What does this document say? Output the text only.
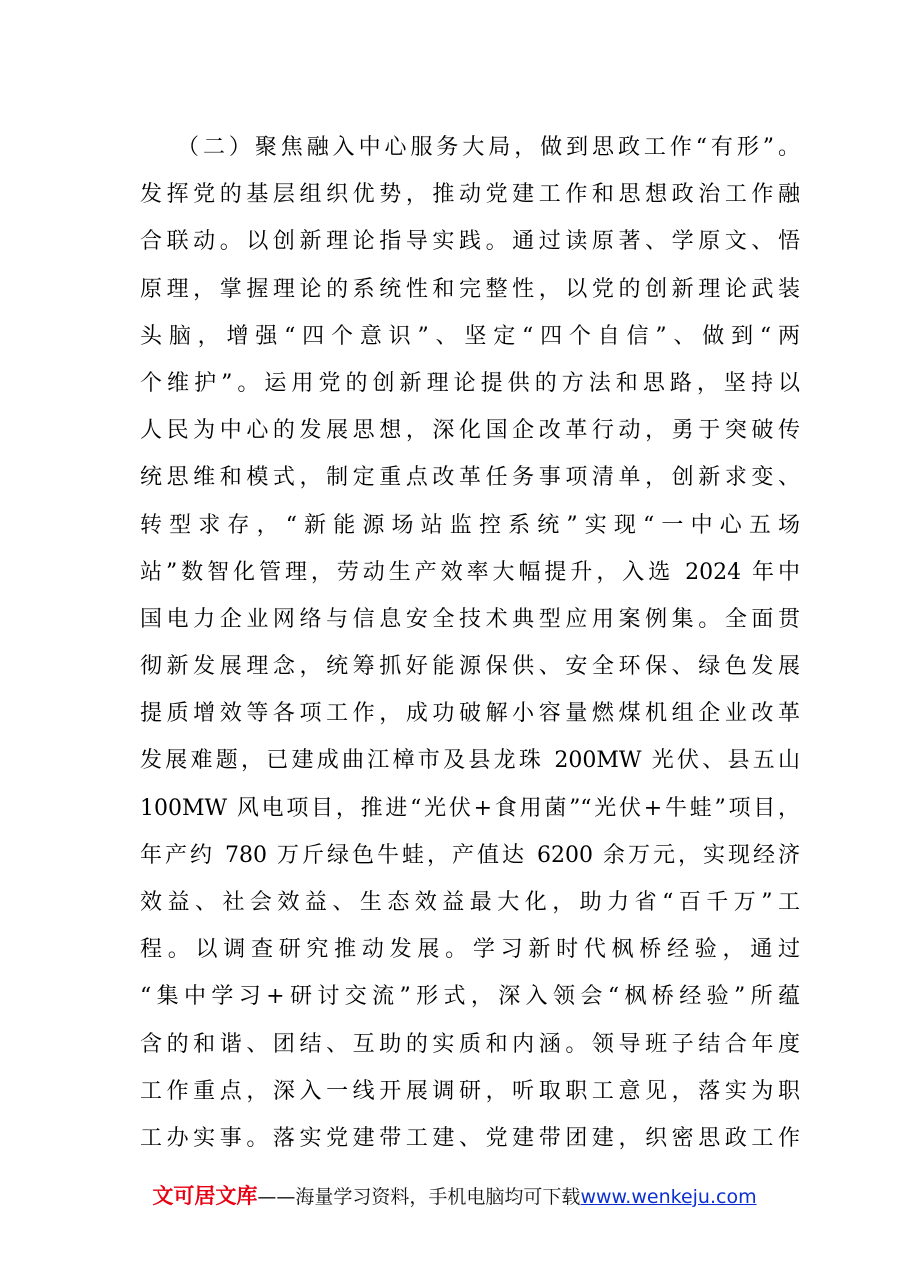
（二）聚焦融入中心服务大局，做到思政工作“有形”。
发挥党的基层组织优势，推动党建工作和思想政治工作融
合联动。以创新理论指导实践。通过读原著、学原文、悟
原理，掌握理论的系统性和完整性，以党的创新理论武装
头脑，增强“四个意识”、坚定“四个自信”、做到“两
个维护”。运用党的创新理论提供的方法和思路，坚持以
人民为中心的发展思想，深化国企改革行动，勇于突破传
统思维和模式，制定重点改革任务事项清单，创新求变、
转型求存，“新能源场站监控系统”实现“一中心五场
站”数智化管理，劳动生产效率大幅提升，入选 2024 年中
国电力企业网络与信息安全技术典型应用案例集。全面贯
彻新发展理念，统筹抓好能源保供、安全环保、绿色发展
提质增效等各项工作，成功破解小容量燃煤机组企业改革
发展难题，已建成曲江樟市及县龙珠 200MW 光伏、县五山
100MW 风电项目，推进“光伏+食用菌”“光伏+牛蛙”项目，
年产约 780 万斤绿色牛蛙，产值达 6200 余万元，实现经济
效益、社会效益、生态效益最大化，助力省“百千万”工
程。以调查研究推动发展。学习新时代枫桥经验，通过
“集中学习+研讨交流”形式，深入领会“枫桥经验”所蕴
含的和谐、团结、互助的实质和内涵。领导班子结合年度
工作重点，深入一线开展调研，听取职工意见，落实为职
工办实事。落实党建带工建、党建带团建，织密思政工作
文可居文库——海量学习资料，手机电脑均可下载www.wenkeju.com
